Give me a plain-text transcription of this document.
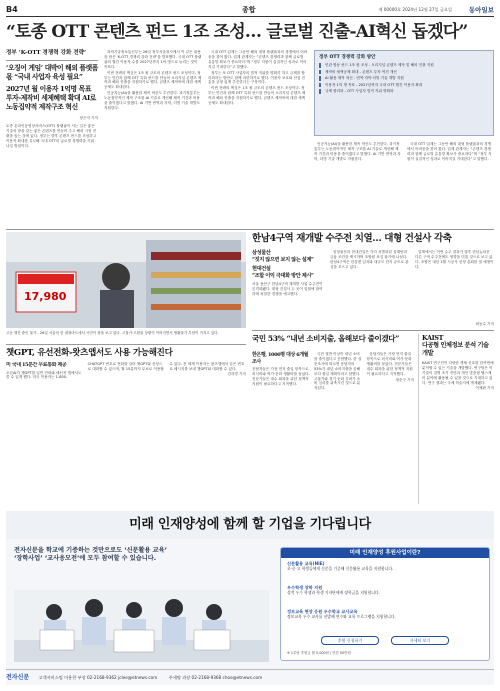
B4	종합	제 00000호 2024년 12월 27일 금요일	동아일보
“토종 OTT 콘텐츠 펀드 1조 조성… 글로벌 진출-AI혁신 돕겠다”
정부 ‘K-OTT 경쟁력 강화 전략’
‘오징어 게임’ 대박이 해외 플랫폼 몫 “국내 사업자 육성 필요”
2027년 월 이용자 1억명 목표 투자-제작비 세제혜택 확대 AI로 노동집약적 제작구조 혁신
장은지 기자
토종 온라인동영상서비스(OTT) 플랫폼이 사는 길은 좋은 기술의 장을 갖는 좋은 콘텐츠를 만들어 주고 해외 시장 진출을 돕는 것에 있다. 정부는 향후 콘텐츠 펀드를 조성하고 이용자 확대를 유도해 국내 OTT의 글로벌 경쟁력을 키워 나갈 방침이다.

과학기술정보통신부는 26일 정부서울청사에서 이 같은 내용을 담은 ‘K-OTT 경쟁력 강화 전략’을 발표했다. 국내 OTT 플랫폼의 월간 이용자 수를 2027년까지 1억 명으로 늘리는 것이 목표다.

이번 전략의 핵심은 1조 원 규모의 콘텐츠 펀드 조성이다. 정부는 민간과 함께 OTT 특화 펀드를 만들어 오리지널 콘텐츠 제작과 해외 진출을 지원하기로 했다. 콘텐츠 제작비에 대한 세액공제도 확대한다.

인공지능(AI)을 활용한 제작 혁신도 추진한다. 과기정통부는 노동집약적인 제작 구조를 AI 기술로 개선해 제작 기간과 비용을 줄이겠다고 밝혔다. AI 기반 번역과 자막, 더빙 기술 개발도 지원한다.

국내 OTT 업계는 그동안 해외 대형 플랫폼과의 경쟁에서 어려움을 겪어 왔다. 업계 관계자는 “콘텐츠 경쟁력과 함께 글로벌 유통망 확보가 중요하다”며 “정부 지원이 실질적인 성과로 이어지길 기대한다”고 말했다.

정부는 또 OTT 사업자의 법적 지위를 명확히 하고 규제를 합리화하는 방안도 함께 마련하기로 했다. 이용자 보호와 산업 진흥을 균형 있게 추진한다는 구상이다.

이번 전략의 핵심은 1조 원 규모의 콘텐츠 펀드 조성이다. 정부는 민간과 함께 OTT 특화 펀드를 만들어 오리지널 콘텐츠 제작과 해외 진출을 지원하기로 했다. 콘텐츠 제작비에 대한 세액공제도 확대한다.

정부 OTT 경쟁력 강화 방안
민관 합동 펀드 1조 원 조성 - 오리지널 콘텐츠 제작 및 해외 진출 지원
제작비 세액공제 확대 - 콘텐츠 투자 여건 개선
AI 활용 제작 혁신 - 번역·자막·더빙 기술 개발 지원
이용자 1억 명 목표 - 2027년까지 국내 OTT 월간 이용자 확대
규제 합리화 - OTT 사업자 법적 지위 명확화

인공지능(AI)을 활용한 제작 혁신도 추진한다. 과기정통부는 노동집약적인 제작 구조를 AI 기술로 개선해 제작 기간과 비용을 줄이겠다고 밝혔다. AI 기반 번역과 자막, 더빙 기술 개발도 지원한다.

국내 OTT 업계는 그동안 해외 대형 플랫폼과의 경쟁에서 어려움을 겪어 왔다. 업계 관계자는 “콘텐츠 경쟁력과 함께 글로벌 유통망 확보가 중요하다”며 “정부 지원이 실질적인 성과로 이어지길 기대한다”고 말했다.

17,980
고공 행진 중인 물가 - 26일 서울의 한 대형마트에서 시민이 장을 보고 있다. 고물가·고환율 상황이 이어지면서 생활물가 부담이 커지고 있다.
한남4구역 재개발 수주전 치열… 대형 건설사 각축
삼성물산
“짓지 않으면 보지 않는 설계”
현대건설
“조합 이익 극대화 방안 제시”
서울 용산구 한남4구역 재개발 사업 수주전이 본격화됐다. 대형 건설사 두 곳이 입찰에 참여하며 치열한 경쟁을 예고했다.

삼성물산과 현대건설은 각각 차별화된 설계안과 금융 조건을 제시하며 조합원 표심 잡기에 나섰다. 한남4구역은 한강변 입지와 대규모 단지 규모로 관심을 모으고 있다.

업계에서는 이번 수주 결과가 향후 한남뉴타운 다른 구역 수주전에도 영향을 미칠 것으로 보고 있다. 조합은 내년 1월 시공사 선정 총회를 열 예정이다.

최동수 기자
챗GPT, 유선전화-왓츠앱서도 사용 가능해진다
미 국내 15분간 무료통화 제공
오픈AI가 챗GPT를 일반 전화와 메신저 앱에서도 쓸 수 있게 했다. 미국 이용자는 1-800-CHATGPT 번호로 전화를 걸어 챗GPT와 음성으로 대화할 수 있으며, 월 15분까지 무료로 이용할 수 있다. 전 세계 이용자는 왓츠앱에서 같은 번호로 메시지를 보내 챗GPT와 대화할 수 있다.
김하경 기자
국민 53% “내년 소비지출, 올해보다 줄이겠다”
한은행, 1000명 대상 6개월 조사
응답자들은 가장 먼저 줄일 항목으로 외식비와 여가·문화 생활비를 꼽았다. 전문가들은 내수 회복을 위한 정책적 지원이 필요하다고 지적했다.

국민 절반 이상이 내년 소비를 줄이겠다고 응답했다. 한 설문조사에 따르면 응답자의 53%가 내년 소비지출을 올해보다 줄일 계획이라고 답했다. 고물가와 경기 둔화 우려가 소비 심리를 위축시킨 것으로 분석된다.

응답자들은 가장 먼저 줄일 항목으로 외식비와 여가·문화 생활비를 꼽았다. 전문가들은 내수 회복을 위한 정책적 지원이 필요하다고 지적했다.

정순구 기자

KAIST
다공형 인체정보 분석 기술 개발
KAIST 연구진이 다양한 생체 신호를 한꺼번에 분석할 수 있는 기술을 개발했다. 연구팀은 이 기술이 질병 조기 진단과 개인 맞춤형 헬스케어 분야에 활용될 수 있을 것으로 기대하고 있다. 연구 결과는 국제 학술지에 게재됐다.
이채완 기자
미래 인재양성에 함께 할 기업을 기다립니다
전자신문을 학교에 기증하는 것만으로도 ‘신문활용 교육’ ‘장학사업’ ‘교사응모전’에 모두 참여할 수 있습니다.
미래 인재양성 후원사업이란?
신문활용 교육(NIE)
초·중·고 학생들에게 신문을 기증해 신문활용 교육을 지원합니다.
우수학생 장학 지원
성적 우수 학생과 학생 기자단에게 장학금을 지원합니다.
정보교육 현장 응원 우수학교 교사교육
정보교육 우수 교사를 선발해 연수와 교육 프로그램을 지원합니다.
후원 신청하기	자세히 보기
※ 1부당 후원금 월 0,000원 / 연간 00만원
전자신문 고객서비스팀 이용찬 부장 02-2168-9362 jclee@etnews.com	주세명 과장 02-2168-9368 choe@etnews.com
